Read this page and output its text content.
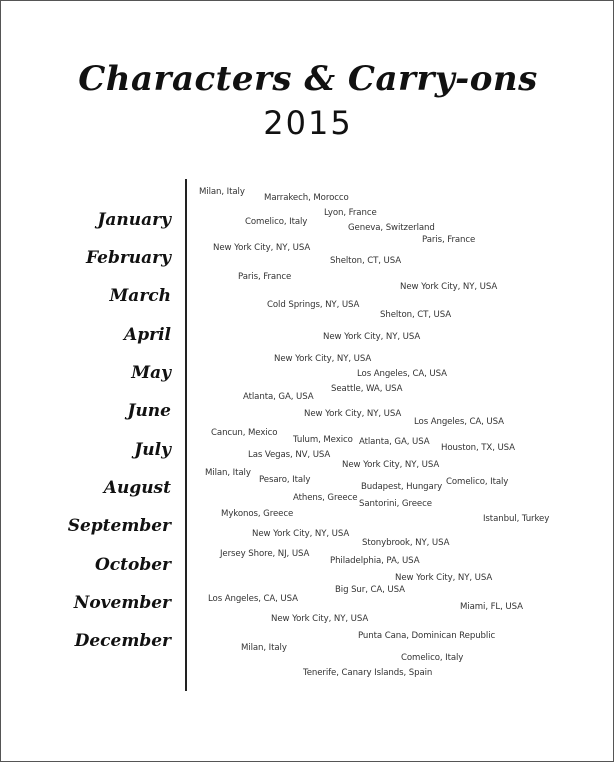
Characters & Carry-ons
2015
January
February
March
April
May
June
July
August
September
October
November
December
Milan, Italy
Marrakech, Morocco
Lyon, France
Comelico, Italy
Geneva, Switzerland
Paris, France
New York City, NY, USA
Shelton, CT, USA
Paris, France
New York City, NY, USA
Cold Springs, NY, USA
Shelton, CT, USA
New York City, NY, USA
New York City, NY, USA
Los Angeles, CA, USA
Seattle, WA, USA
Atlanta, GA, USA
New York City, NY, USA
Los Angeles, CA, USA
Cancun, Mexico
Tulum, Mexico Atlanta, GA, USA
Houston, TX, USA
Las Vegas, NV, USA
New York City, NY, USA
Milan, Italy
Pesaro, Italy
Budapest, Hungary Comelico, Italy
Athens, Greece
Santorini, Greece
Mykonos, Greece	Istanbul, Turkey
New York City, NY, USA
Stonybrook, NY, USA
Jersey Shore, NJ, USA
Philadelphia, PA, USA
New York City, NY, USA
Big Sur, CA, USA
Los Angeles, CA, USA
Miami, FL, USA
New York City, NY, USA
Punta Cana, Dominican Republic
Milan, Italy
Comelico, Italy
Tenerife, Canary Islands, Spain
